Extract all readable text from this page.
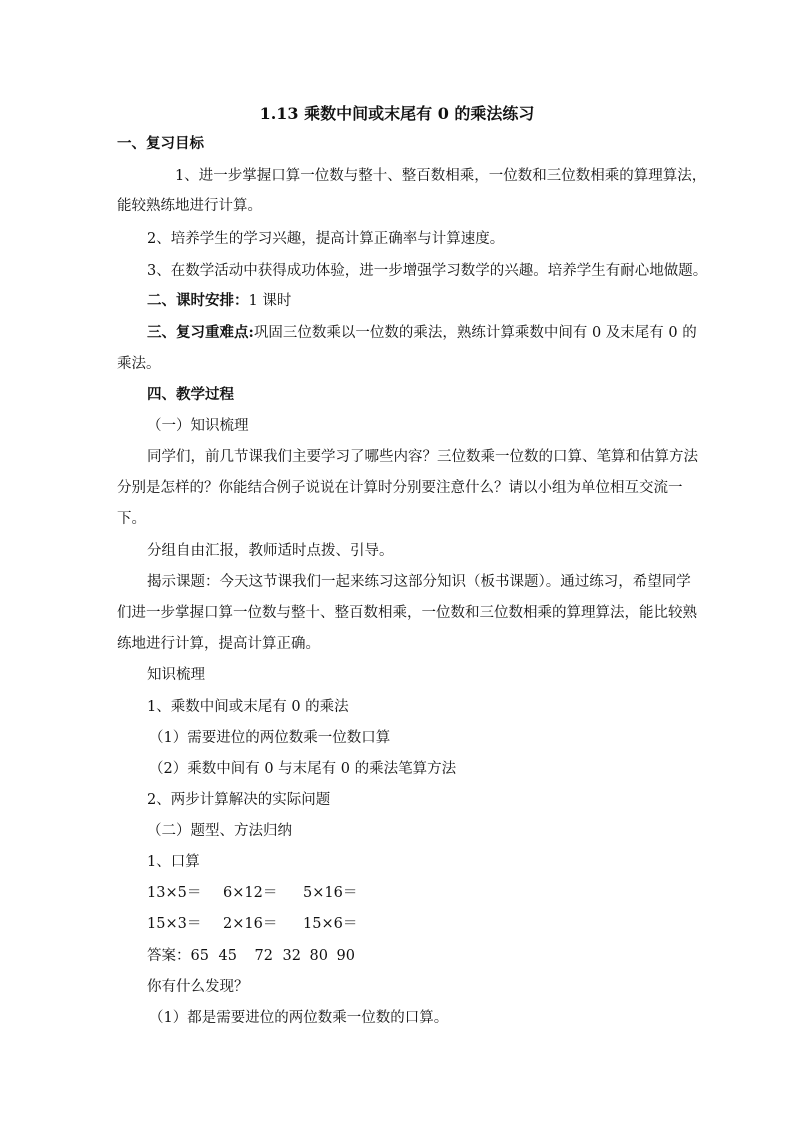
1.13 乘数中间或末尾有 0 的乘法练习
一、复习目标
1、进一步掌握口算一位数与整十、整百数相乘，一位数和三位数相乘的算理算法，
能较熟练地进行计算。
2、培养学生的学习兴趣，提高计算正确率与计算速度。
3、在数学活动中获得成功体验，进一步增强学习数学的兴趣。培养学生有耐心地做题。
二、课时安排：1 课时
三、复习重难点:巩固三位数乘以一位数的乘法，熟练计算乘数中间有 0 及末尾有 0 的
乘法。
四、教学过程
（一）知识梳理
同学们，前几节课我们主要学习了哪些内容？三位数乘一位数的口算、笔算和估算方法
分别是怎样的？你能结合例子说说在计算时分别要注意什么？请以小组为单位相互交流一
下。
分组自由汇报，教师适时点拨、引导。
揭示课题：今天这节课我们一起来练习这部分知识（板书课题）。通过练习，希望同学
们进一步掌握口算一位数与整十、整百数相乘，一位数和三位数相乘的算理算法，能比较熟
练地进行计算，提高计算正确。
知识梳理
1、乘数中间或末尾有 0 的乘法
（1）需要进位的两位数乘一位数口算
（2）乘数中间有 0 与末尾有 0 的乘法笔算方法
2、两步计算解决的实际问题
（二）题型、方法归纳
1、口算
13×5＝ 6×12＝ 5×16＝
15×3＝ 2×16＝ 15×6＝
答案：65 45 72 32 80 90
你有什么发现？
（1）都是需要进位的两位数乘一位数的口算。
